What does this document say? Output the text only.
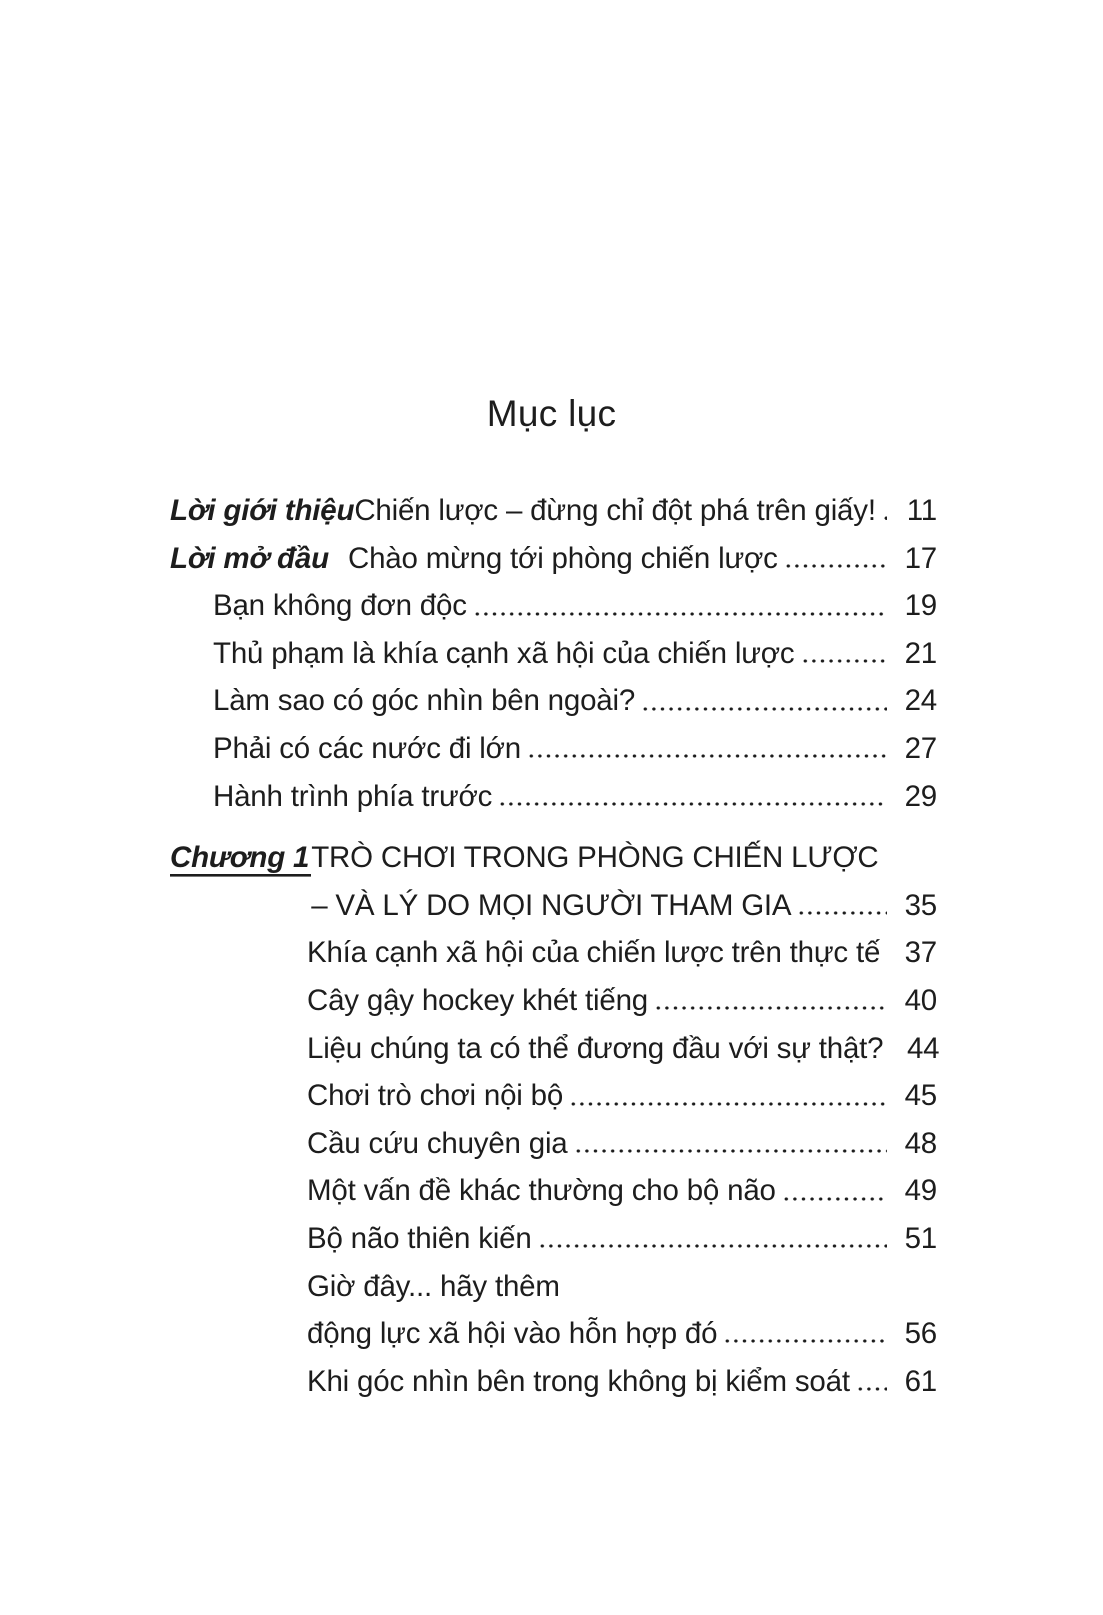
Mục lục
Lời giới thiệu Chiến lược – đừng chỉ đột phá trên giấy!	11
Lời mở đầu Chào mừng tới phòng chiến lược	17
Bạn không đơn độc	19
Thủ phạm là khía cạnh xã hội của chiến lược	21
Làm sao có góc nhìn bên ngoài?	24
Phải có các nước đi lớn	27
Hành trình phía trước	29
Chương 1 TRÒ CHƠI TRONG PHÒNG CHIẾN LƯỢC
– VÀ LÝ DO MỌI NGƯỜI THAM GIA	35
Khía cạnh xã hội của chiến lược trên thực tế 37
Cây gậy hockey khét tiếng	40
Liệu chúng ta có thể đương đầu với sự thật? 44
Chơi trò chơi nội bộ	45
Cầu cứu chuyên gia	48
Một vấn đề khác thường cho bộ não	49
Bộ não thiên kiến	51
Giờ đây... hãy thêm
động lực xã hội vào hỗn hợp đó	56
Khi góc nhìn bên trong không bị kiểm soát	61
